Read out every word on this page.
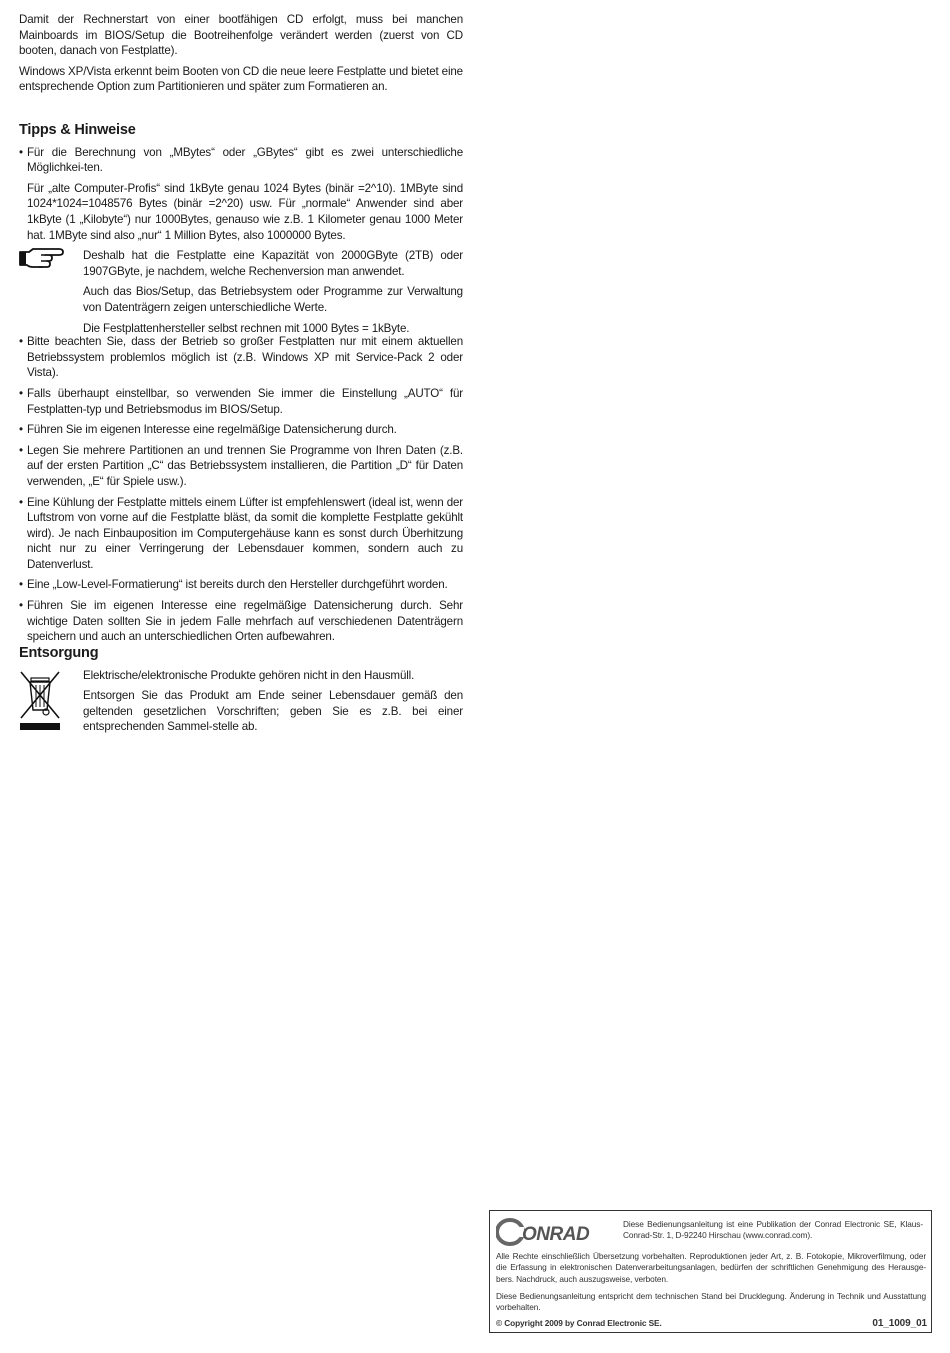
Damit der Rechnerstart von einer bootfähigen CD erfolgt, muss bei manchen Mainboards im BIOS/Setup die Bootreihenfolge verändert werden (zuerst von CD booten, danach von Festplatte).

Windows XP/Vista erkennt beim Booten von CD die neue leere Festplatte und bietet eine entsprechende Option zum Partitionieren und später zum Formatieren an.

Tipps & Hinweise
• Für die Berechnung von „MBytes“ oder „GBytes“ gibt es zwei unterschiedliche Möglichkei-ten.
Für „alte Computer-Profis“ sind 1kByte genau 1024 Bytes (binär =2^10). 1MByte sind 1024*1024=1048576 Bytes (binär =2^20) usw. Für „normale“ Anwender sind aber 1kByte (1 „Kilobyte“) nur 1000Bytes, genauso wie z.B. 1 Kilometer genau 1000 Meter hat. 1MByte sind also „nur“ 1 Million Bytes, also 1000000 Bytes.

Deshalb hat die Festplatte eine Kapazität von 2000GByte (2TB) oder 1907GByte, je nachdem, welche Rechenversion man anwendet.

Auch das Bios/Setup, das Betriebsystem oder Programme zur Verwaltung von Datenträgern zeigen unterschiedliche Werte.

Die Festplattenhersteller selbst rechnen mit 1000 Bytes = 1kByte.

• Bitte beachten Sie, dass der Betrieb so großer Festplatten nur mit einem aktuellen Betriebssystem problemlos möglich ist (z.B. Windows XP mit Service-Pack 2 oder Vista).
• Falls überhaupt einstellbar, so verwenden Sie immer die Einstellung „AUTO“ für Festplatten-typ und Betriebsmodus im BIOS/Setup.
• Führen Sie im eigenen Interesse eine regelmäßige Datensicherung durch.
• Legen Sie mehrere Partitionen an und trennen Sie Programme von Ihren Daten (z.B. auf der ersten Partition „C“ das Betriebssystem installieren, die Partition „D“ für Daten verwenden, „E“ für Spiele usw.).
• Eine Kühlung der Festplatte mittels einem Lüfter ist empfehlenswert (ideal ist, wenn der Luftstrom von vorne auf die Festplatte bläst, da somit die komplette Festplatte gekühlt wird). Je nach Einbauposition im Computergehäuse kann es sonst durch Überhitzung nicht nur zu einer Verringerung der Lebensdauer kommen, sondern auch zu Datenverlust.
• Eine „Low-Level-Formatierung“ ist bereits durch den Hersteller durchgeführt worden.
• Führen Sie im eigenen Interesse eine regelmäßige Datensicherung durch. Sehr wichtige Daten sollten Sie in jedem Falle mehrfach auf verschiedenen Datenträgern speichern und auch an unterschiedlichen Orten aufbewahren.
Entsorgung

Elektrische/elektronische Produkte gehören nicht in den Hausmüll.

Entsorgen Sie das Produkt am Ende seiner Lebensdauer gemäß den geltenden gesetzlichen Vorschriften; geben Sie es z.B. bei einer entsprechenden Sammel-stelle ab.

ONRAD	Diese Bedienungsanleitung ist eine Publikation der Conrad Electronic SE, Klaus-Conrad-Str. 1, D-92240 Hirschau (www.conrad.com).
Alle Rechte einschließlich Übersetzung vorbehalten. Reproduktionen jeder Art, z. B. Fotokopie, Mikroverfilmung, oder die Erfassung in elektronischen Datenverarbeitungsanlagen, bedürfen der schriftlichen Genehmigung des Herausge-bers. Nachdruck, auch auszugsweise, verboten.
Diese Bedienungsanleitung entspricht dem technischen Stand bei Drucklegung. Änderung in Technik und Ausstattung vorbehalten.
© Copyright 2009 by Conrad Electronic SE.	01_1009_01
